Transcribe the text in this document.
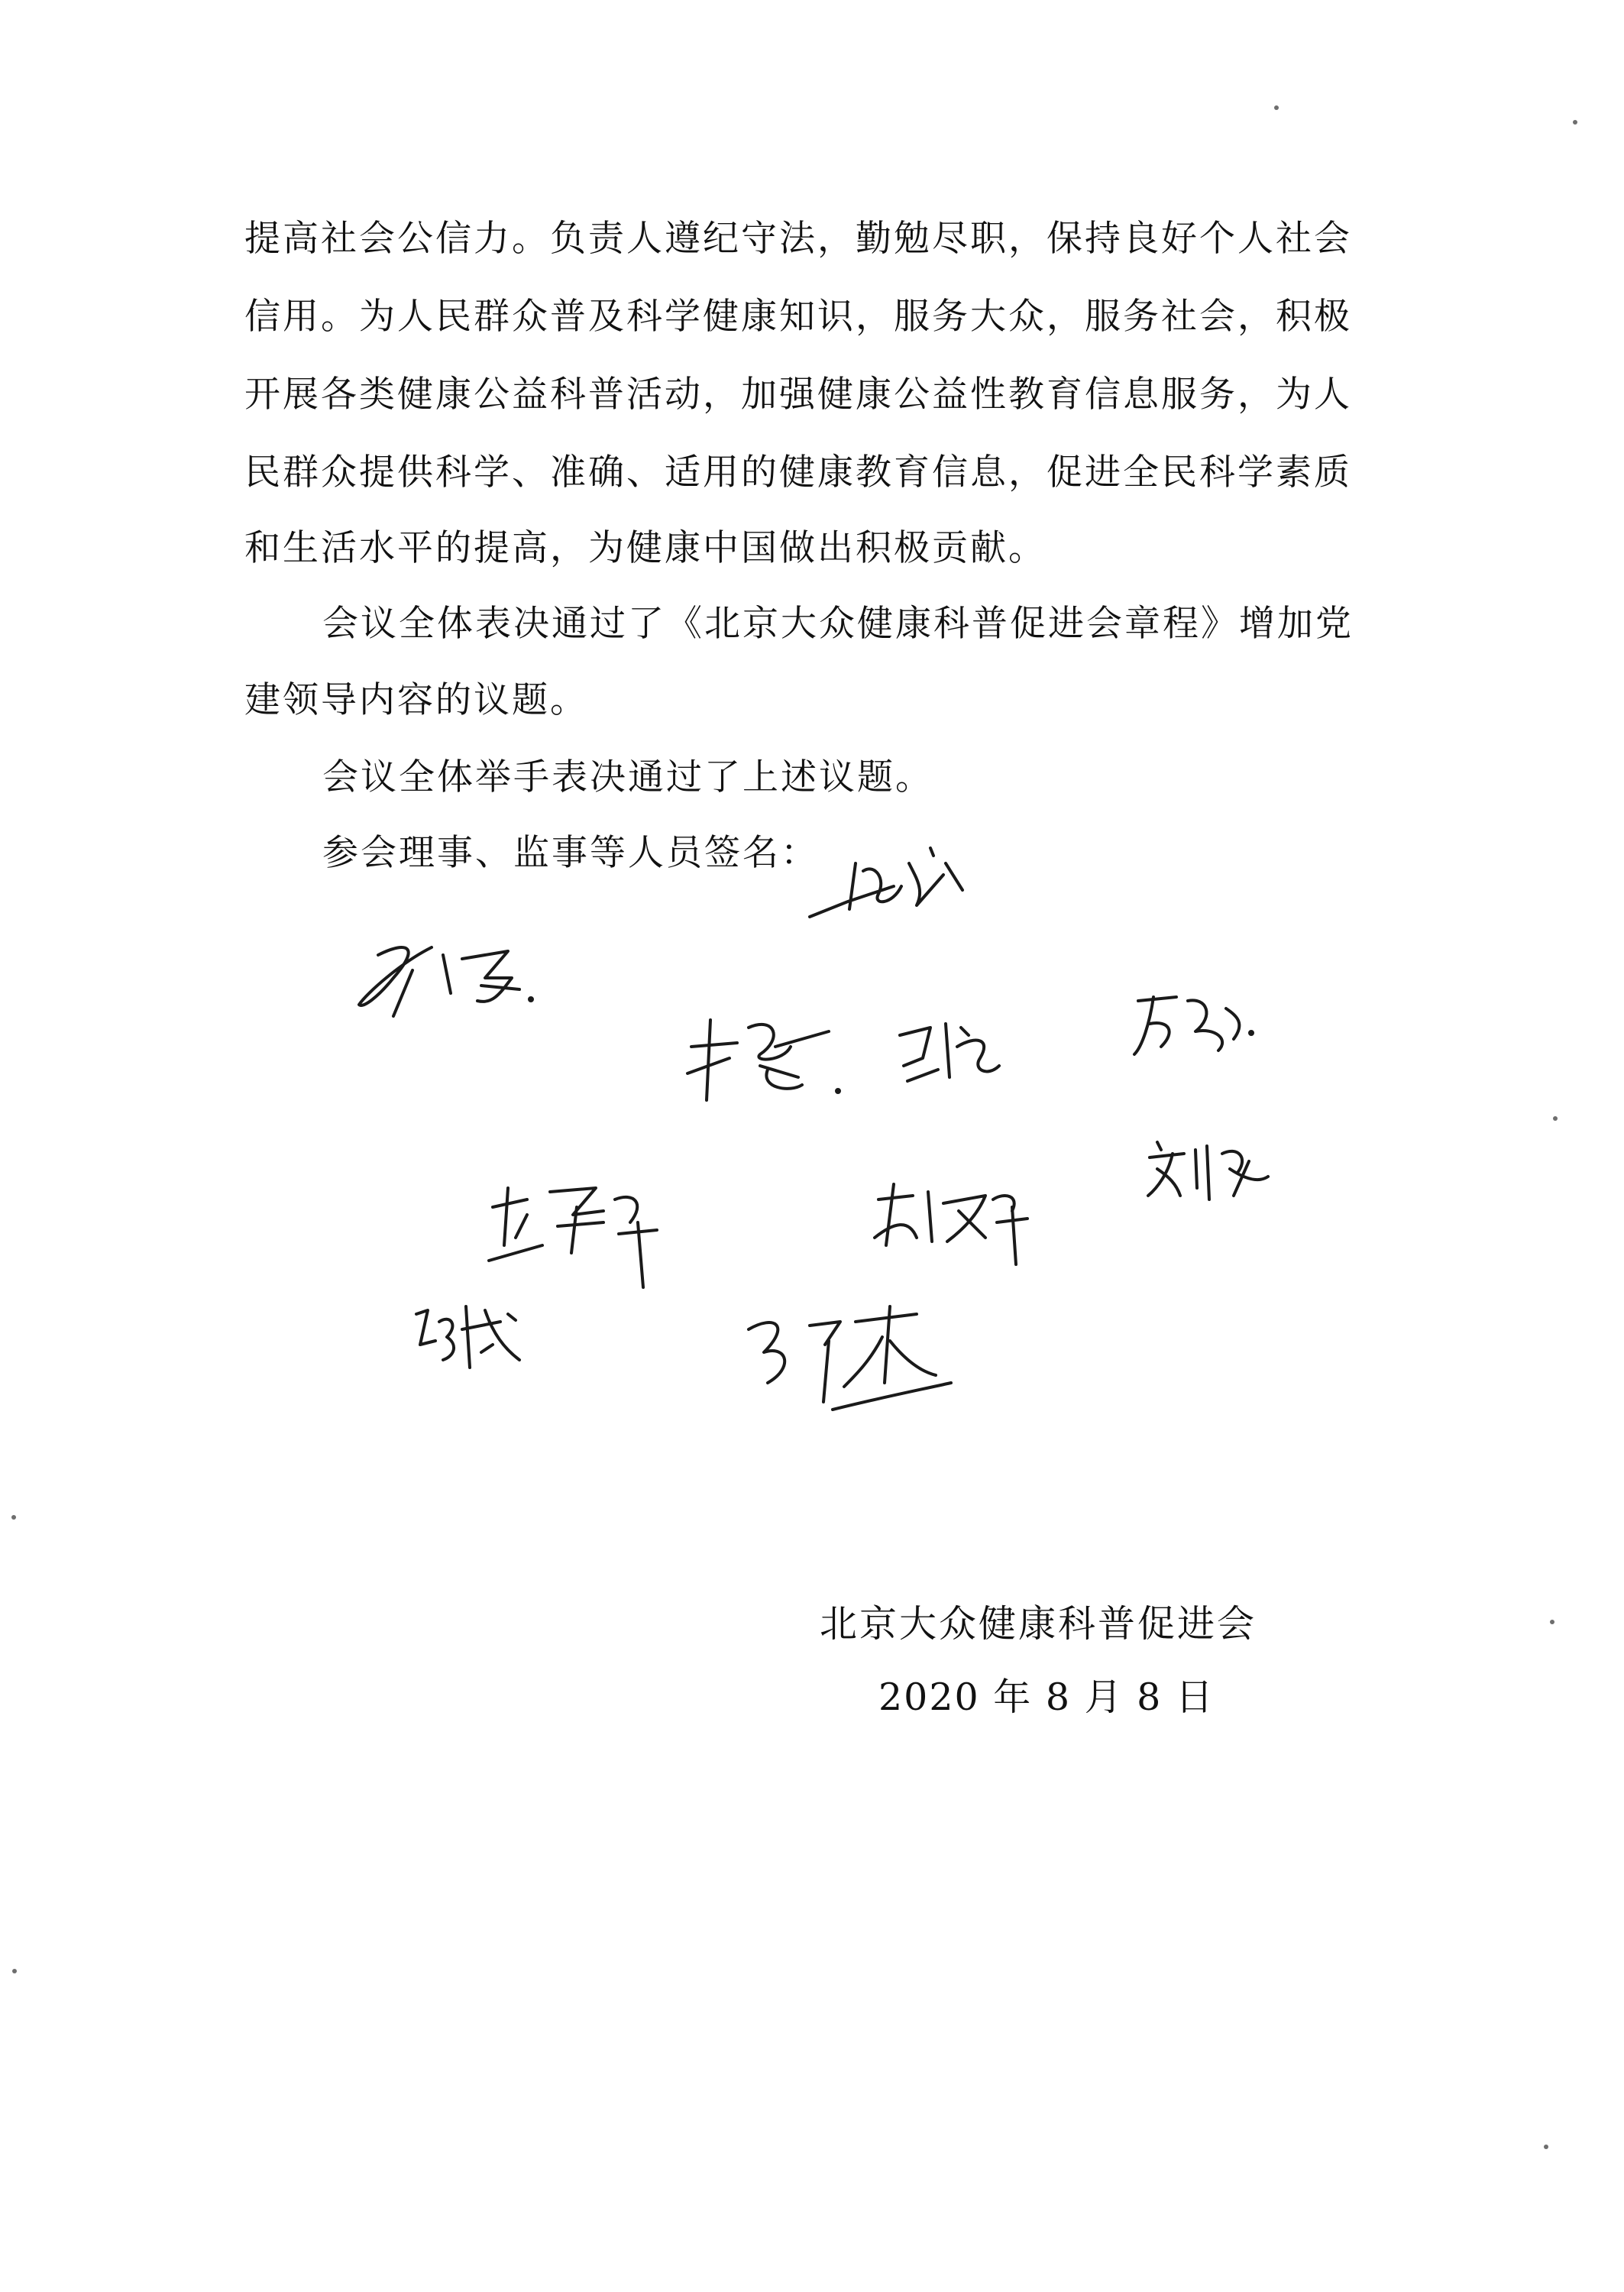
提高社会公信力。负责人遵纪守法，勤勉尽职，保持良好个人社会
信用。为人民群众普及科学健康知识，服务大众，服务社会，积极
开展各类健康公益科普活动，加强健康公益性教育信息服务，为人
民群众提供科学、准确、适用的健康教育信息，促进全民科学素质
和生活水平的提高，为健康中国做出积极贡献。
会议全体表决通过了《北京大众健康科普促进会章程》增加党
建领导内容的议题。
会议全体举手表决通过了上述议题。
参会理事、监事等人员签名：
北京大众健康科普促进会
2020 年 8 月 8 日
